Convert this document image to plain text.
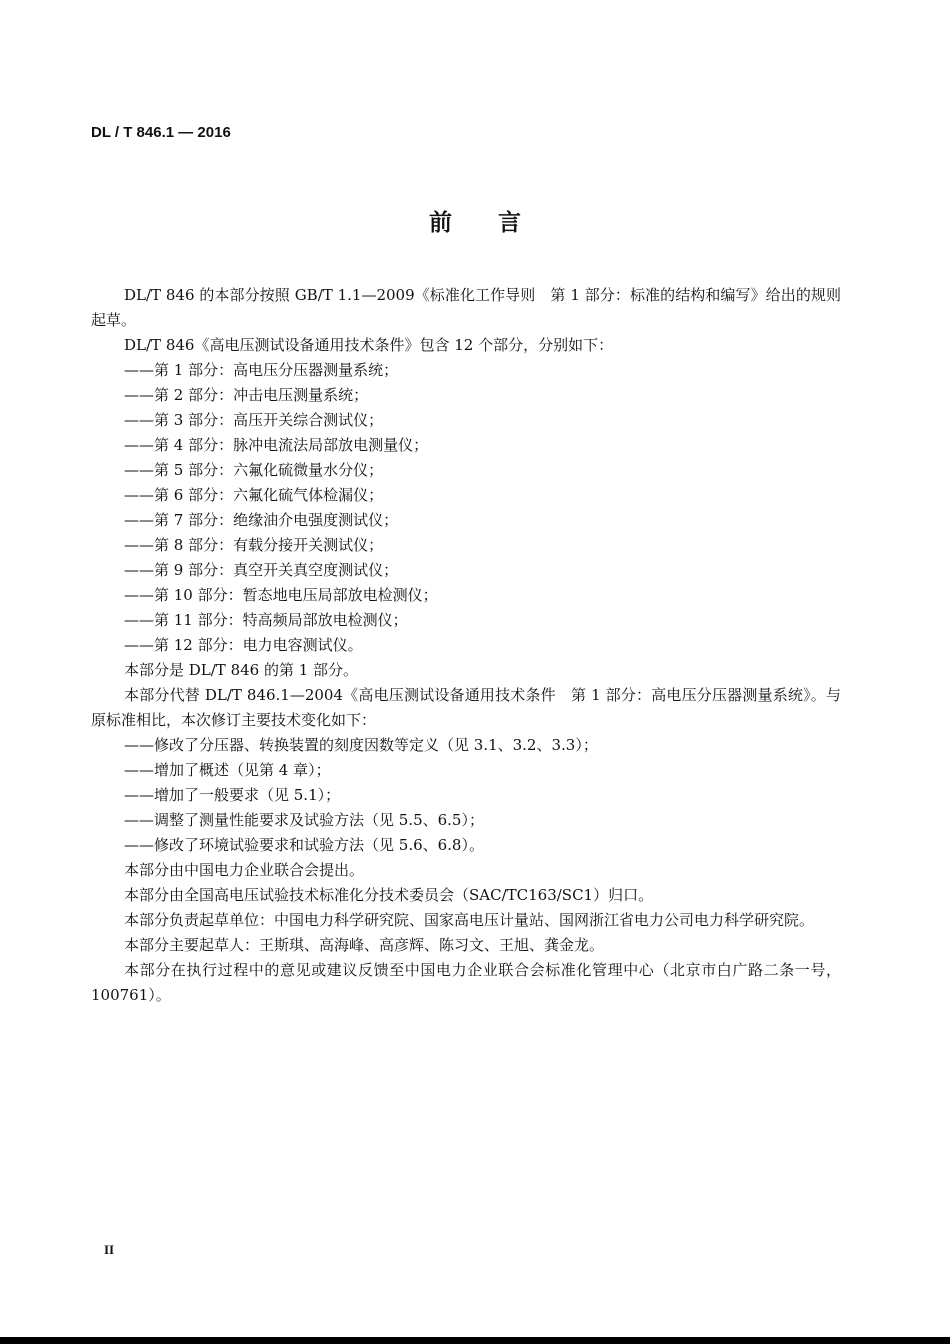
DL / T 846.1 — 2016
前　　言

DL/T 846 的本部分按照 GB/T 1.1—2009《标准化工作导则　第 1 部分：标准的结构和编写》给出的规则起草。

DL/T 846《高电压测试设备通用技术条件》包含 12 个部分，分别如下：

——第 1 部分：高电压分压器测量系统；

——第 2 部分：冲击电压测量系统；

——第 3 部分：高压开关综合测试仪；

——第 4 部分：脉冲电流法局部放电测量仪；

——第 5 部分：六氟化硫微量水分仪；

——第 6 部分：六氟化硫气体检漏仪；

——第 7 部分：绝缘油介电强度测试仪；

——第 8 部分：有载分接开关测试仪；

——第 9 部分：真空开关真空度测试仪；

——第 10 部分：暂态地电压局部放电检测仪；

——第 11 部分：特高频局部放电检测仪；

——第 12 部分：电力电容测试仪。

本部分是 DL/T 846 的第 1 部分。

本部分代替 DL/T 846.1—2004《高电压测试设备通用技术条件　第 1 部分：高电压分压器测量系统》。与原标准相比，本次修订主要技术变化如下：

——修改了分压器、转换装置的刻度因数等定义（见 3.1、3.2、3.3）；

——增加了概述（见第 4 章）；

——增加了一般要求（见 5.1）；

——调整了测量性能要求及试验方法（见 5.5、6.5）；

——修改了环境试验要求和试验方法（见 5.6、6.8）。

本部分由中国电力企业联合会提出。

本部分由全国高电压试验技术标准化分技术委员会（SAC/TC163/SC1）归口。

本部分负责起草单位：中国电力科学研究院、国家高电压计量站、国网浙江省电力公司电力科学研究院。

本部分主要起草人：王斯琪、高海峰、高彦辉、陈习文、王旭、龚金龙。

本部分在执行过程中的意见或建议反馈至中国电力企业联合会标准化管理中心（北京市白广路二条一号，100761）。

II
